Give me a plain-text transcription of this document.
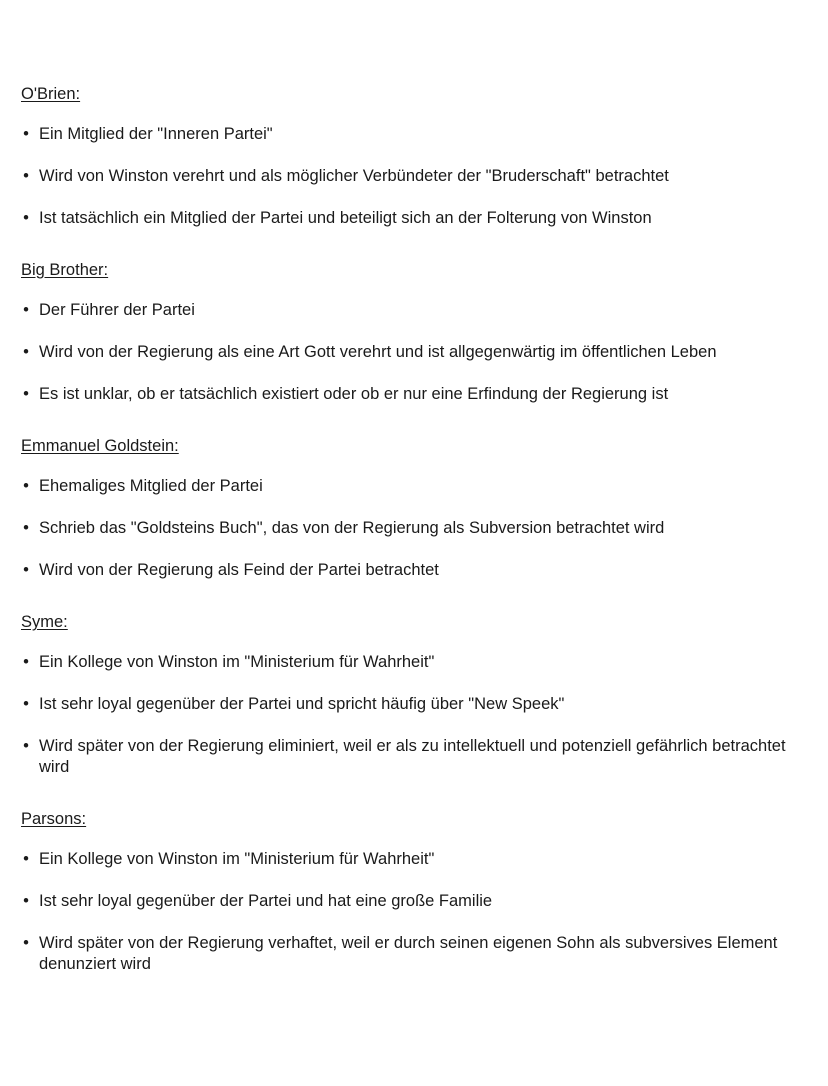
O'Brien:
• Ein Mitglied der "Inneren Partei"
• Wird von Winston verehrt und als möglicher Verbündeter der "Bruderschaft" betrachtet
• Ist tatsächlich ein Mitglied der Partei und beteiligt sich an der Folterung von Winston
Big Brother:
• Der Führer der Partei
• Wird von der Regierung als eine Art Gott verehrt und ist allgegenwärtig im öffentlichen Leben
• Es ist unklar, ob er tatsächlich existiert oder ob er nur eine Erfindung der Regierung ist
Emmanuel Goldstein:
• Ehemaliges Mitglied der Partei
• Schrieb das "Goldsteins Buch", das von der Regierung als Subversion betrachtet wird
• Wird von der Regierung als Feind der Partei betrachtet
Syme:
• Ein Kollege von Winston im "Ministerium für Wahrheit"
• Ist sehr loyal gegenüber der Partei und spricht häufig über "New Speek"
• Wird später von der Regierung eliminiert, weil er als zu intellektuell und potenziell gefährlich betrachtet wird
Parsons:
• Ein Kollege von Winston im "Ministerium für Wahrheit"
• Ist sehr loyal gegenüber der Partei und hat eine große Familie
• Wird später von der Regierung verhaftet, weil er durch seinen eigenen Sohn als subversives Element denunziert wird
